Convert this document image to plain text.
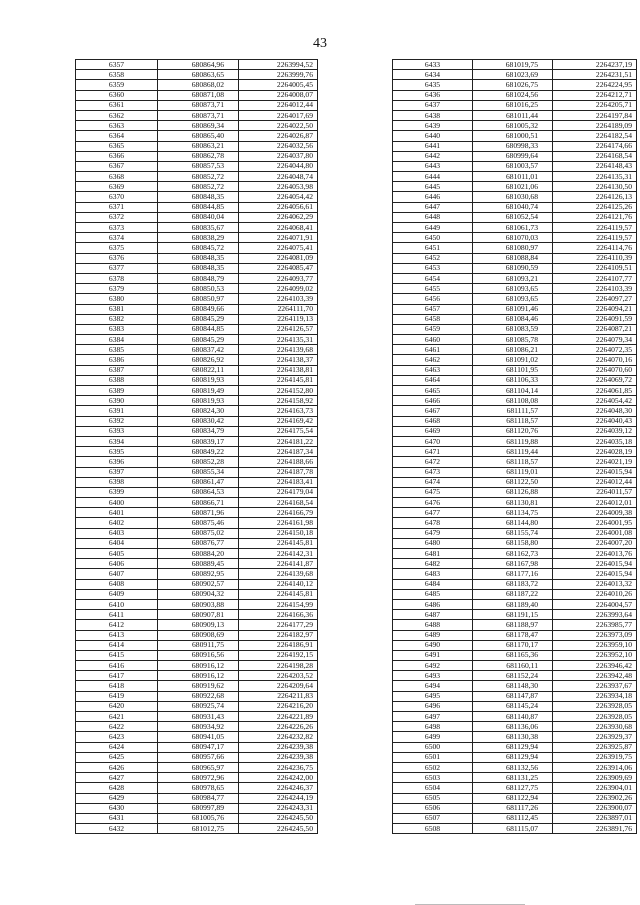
43
6357	680864,96	2263994,52
6358	680863,65	2263999,76
6359	680868,02	2264005,45
6360	680871,08	2264008,07
6361	680873,71	2264012,44
6362	680873,71	2264017,69
6363	680869,34	2264022,50
6364	680865,40	2264026,87
6365	680863,21	2264032,56
6366	680862,78	2264037,80
6367	680857,53	2264044,80
6368	680852,72	2264048,74
6369	680852,72	2264053,98
6370	680848,35	2264054,42
6371	680844,85	2264056,61
6372	680840,04	2264062,29
6373	680835,67	2264068,41
6374	680838,29	2264071,91
6375	680845,72	2264075,41
6376	680848,35	2264081,09
6377	680848,35	2264085,47
6378	680848,79	2264093,77
6379	680850,53	2264099,02
6380	680850,97	2264103,39
6381	680849,66	2264111,70
6382	680845,29	2264119,13
6383	680844,85	2264126,57
6384	680845,29	2264135,31
6385	680837,42	2264139,68
6386	680826,92	2264138,37
6387	680822,11	2264138,81
6388	680819,93	2264145,81
6389	680819,49	2264152,80
6390	680819,93	2264158,92
6391	680824,30	2264163,73
6392	680830,42	2264169,42
6393	680834,79	2264175,54
6394	680839,17	2264181,22
6395	680849,22	2264187,34
6396	680852,28	2264188,66
6397	680855,34	2264187,78
6398	680861,47	2264183,41
6399	680864,53	2264179,04
6400	680866,71	2264168,54
6401	680871,96	2264166,79
6402	680875,46	2264161,98
6403	680875,02	2264150,18
6404	680876,77	2264145,81
6405	680884,20	2264142,31
6406	680889,45	2264141,87
6407	680892,95	2264139,68
6408	680902,57	2264140,12
6409	680904,32	2264145,81
6410	680903,88	2264154,99
6411	680907,81	2264166,36
6412	680909,13	2264177,29
6413	680908,69	2264182,97
6414	680911,75	2264186,91
6415	680916,56	2264192,15
6416	680916,12	2264198,28
6417	680916,12	2264203,52
6418	680919,62	2264209,64
6419	680922,68	2264211,83
6420	680925,74	2264216,20
6421	680931,43	2264221,89
6422	680934,92	2264226,26
6423	680941,05	2264232,82
6424	680947,17	2264239,38
6425	680957,66	2264239,38
6426	680965,97	2264236,75
6427	680972,96	2264242,00
6428	680978,65	2264246,37
6429	680984,77	2264244,19
6430	680997,89	2264243,31
6431	681005,76	2264245,50
6432	681012,75	2264245,50
6433	681019,75	2264237,19
6434	681023,69	2264231,51
6435	681026,75	2264224,95
6436	681024,56	2264212,71
6437	681016,25	2264205,71
6438	681011,44	2264197,84
6439	681005,32	2264189,09
6440	681000,51	2264182,54
6441	680998,33	2264174,66
6442	680999,64	2264168,54
6443	681003,57	2264148,43
6444	681011,01	2264135,31
6445	681021,06	2264130,50
6446	681030,68	2264126,13
6447	681040,74	2264125,26
6448	681052,54	2264121,76
6449	681061,73	2264119,57
6450	681070,03	2264119,57
6451	681080,97	2264114,76
6452	681088,84	2264110,39
6453	681090,59	2264109,51
6454	681093,21	2264107,77
6455	681093,65	2264103,39
6456	681093,65	2264097,27
6457	681091,46	2264094,21
6458	681084,46	2264091,59
6459	681083,59	2264087,21
6460	681085,78	2264079,34
6461	681086,21	2264072,35
6462	681091,02	2264070,16
6463	681101,95	2264070,60
6464	681106,33	2264069,72
6465	681104,14	2264061,85
6466	681108,08	2264054,42
6467	681111,57	2264048,30
6468	681118,57	2264040,43
6469	681120,76	2264039,12
6470	681119,88	2264035,18
6471	681119,44	2264028,19
6472	681118,57	2264021,19
6473	681119,01	2264015,94
6474	681122,50	2264012,44
6475	681126,88	2264011,57
6476	681130,81	2264012,01
6477	681134,75	2264009,38
6478	681144,80	2264001,95
6479	681155,74	2264001,08
6480	681158,80	2264007,20
6481	681162,73	2264013,76
6482	681167,98	2264015,94
6483	681177,16	2264015,94
6484	681183,72	2264013,32
6485	681187,22	2264010,26
6486	681189,40	2264004,57
6487	681191,15	2263993,64
6488	681188,97	2263985,77
6489	681178,47	2263973,09
6490	681170,17	2263959,10
6491	681165,36	2263952,10
6492	681160,11	2263946,42
6493	681152,24	2263942,48
6494	681148,30	2263937,67
6495	681147,87	2263934,18
6496	681145,24	2263928,05
6497	681140,87	2263928,05
6498	681136,06	2263930,68
6499	681130,38	2263929,37
6500	681129,94	2263925,87
6501	681129,94	2263919,75
6502	681132,56	2263914,06
6503	681131,25	2263909,69
6504	681127,75	2263904,01
6505	681122,94	2263902,26
6506	681117,26	2263900,07
6507	681112,45	2263897,01
6508	681115,07	2263891,76
